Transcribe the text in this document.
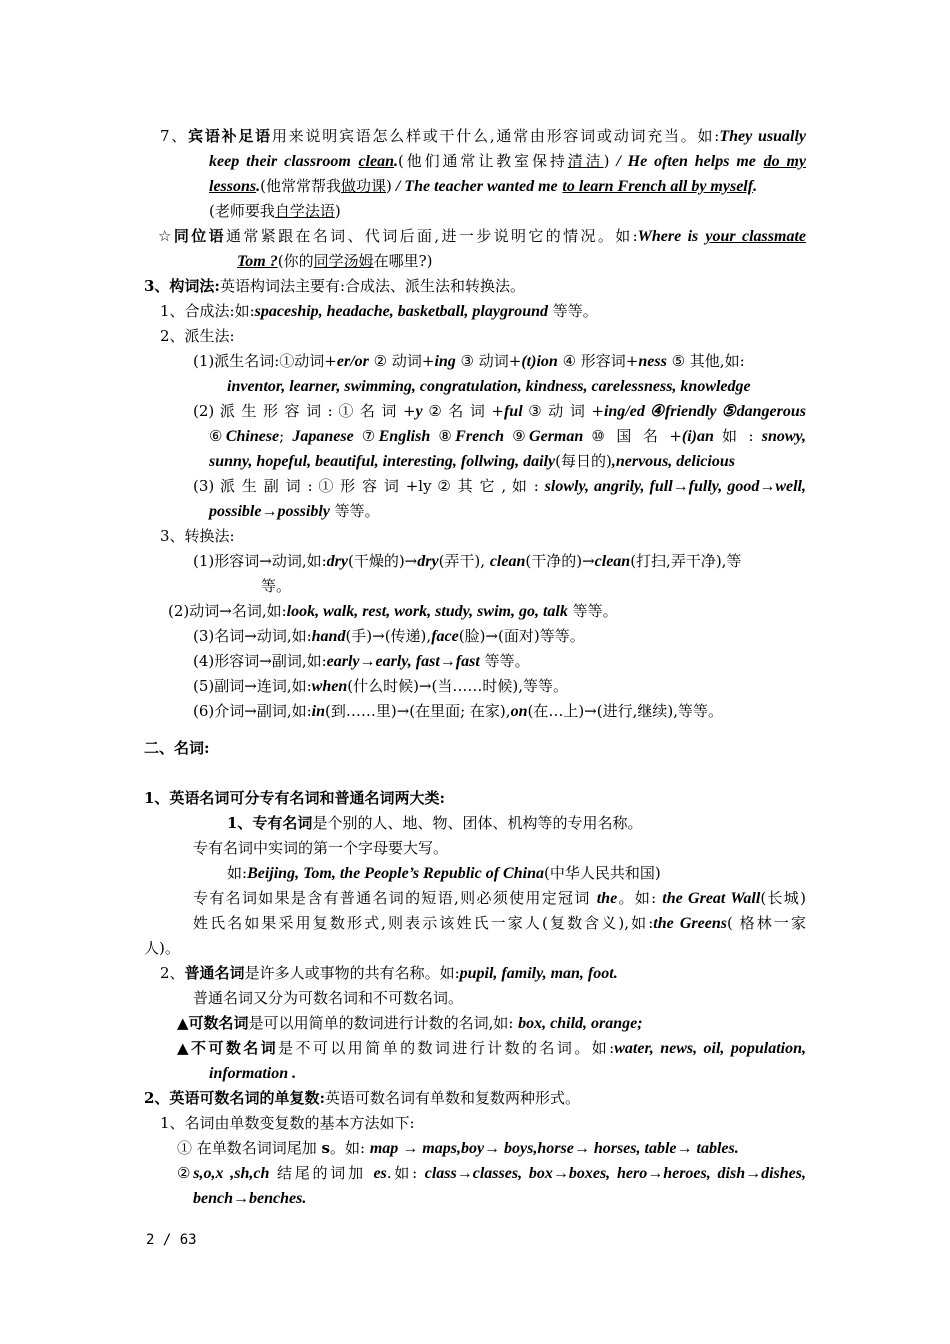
7、宾语补足语用来说明宾语怎么样或干什么,通常由形容词或动词充当。如:They usually
keep their classroom clean.(他们通常让教室保持清洁) / He often helps me do my
lessons.(他常常帮我做功课) / The teacher wanted me to learn French all by myself.
(老师要我自学法语)
☆同位语通常紧跟在名词、代词后面,进一步说明它的情况。如:Where is your classmate
Tom ?(你的同学汤姆在哪里?)
3、构词法:英语构词法主要有:合成法、派生法和转换法。
1、合成法:如:spaceship, headache, basketball, playground 等等。
2、派生法:
(1)派生名词:①动词+er/or ② 动词+ing ③ 动词+(t)ion ④ 形容词+ness ⑤ 其他,如:
inventor, learner, swimming, congratulation, kindness, carelessness, knowledge
(2) 派 生 形 容 词 : ① 名 词 +y ② 名 词 +ful ③ 动 词 +ing/ed ④friendly ⑤dangerous
⑥Chinese; Japanese ⑦English ⑧French ⑨German ⑩ 国 名 +(i)an 如 : snowy,
sunny, hopeful, beautiful, interesting, follwing, daily(每日的),nervous, delicious
(3) 派 生 副 词 : ① 形 容 词 +ly ② 其 它 , 如 : slowly, angrily, full→fully, good→well,
possible→possibly 等等。
3、转换法:
(1)形容词→动词,如:dry(干燥的)→dry(弄干), clean(干净的)→clean(打扫,弄干净),等
等。
(2)动词→名词,如:look, walk, rest, work, study, swim, go, talk 等等。
(3)名词→动词,如:hand(手)→(传递),face(脸)→(面对)等等。
(4)形容词→副词,如:early→early, fast→fast 等等。
(5)副词→连词,如:when(什么时候)→(当……时候),等等。
(6)介词→副词,如:in(到……里)→(在里面; 在家),on(在…上)→(进行,继续),等等。
二、名词:
1、英语名词可分专有名词和普通名词两大类:
1、专有名词是个别的人、地、物、团体、机构等的专用名称。
专有名词中实词的第一个字母要大写。
如:Beijing, Tom, the People’s Republic of China(中华人民共和国)
专有名词如果是含有普通名词的短语,则必须使用定冠词 the。如: the Great Wall(长城)
姓氏名如果采用复数形式,则表示该姓氏一家人(复数含义),如:the Greens( 格林一家
人)。
2、普通名词是许多人或事物的共有名称。如:pupil, family, man, foot.
普通名词又分为可数名词和不可数名词。
▲可数名词是可以用简单的数词进行计数的名词,如: box, child, orange;
▲不可数名词是不可以用简单的数词进行计数的名词。如:water, news, oil, population,
information .
2、英语可数名词的单复数:英语可数名词有单数和复数两种形式。
1、名词由单数变复数的基本方法如下:
① 在单数名词词尾加 s。如: map → maps,boy→ boys,horse→ horses, table→ tables.
②s,o,x ,sh,ch 结尾的词加 es.如: class→classes, box→boxes, hero→heroes, dish→dishes,
bench→benches.
2 / 63
